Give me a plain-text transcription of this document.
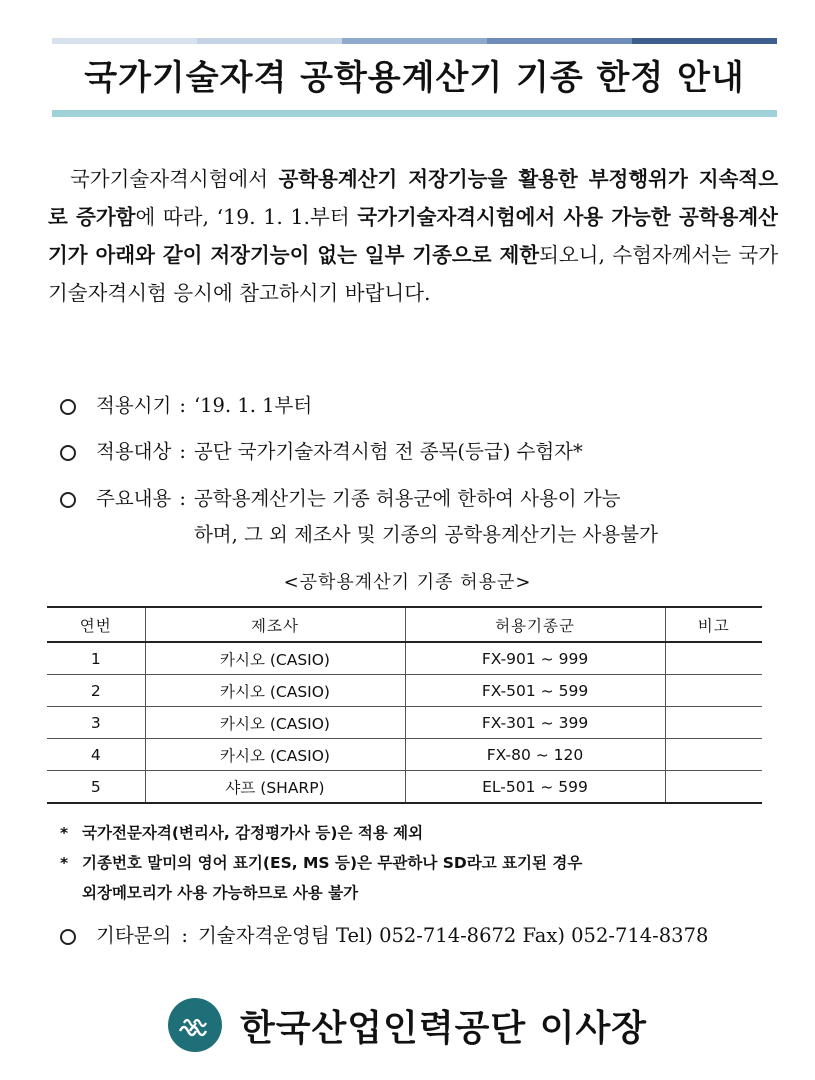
국가기술자격 공학용계산기 기종 한정 안내
국가기술자격시험에서 공학용계산기 저장기능을 활용한 부정행위가 지속적으로 증가함에 따라, ‘19. 1. 1.부터 국가기술자격시험에서 사용 가능한 공학용계산기가 아래와 같이 저장기능이 없는 일부 기종으로 제한되오니, 수험자께서는 국가기술자격시험 응시에 참고하시기 바랍니다.
적용시기 : ‘19. 1. 1부터
적용대상 : 공단 국가기술자격시험 전 종목(등급) 수험자*
주요내용 : 공학용계산기는 기종 허용군에 한하여 사용이 가능
하며, 그 외 제조사 및 기종의 공학용계산기는 사용불가
<공학용계산기 기종 허용군>
연번	제조사	허용기종군	비고
1	카시오 (CASIO)	FX-901 ~ 999	
2	카시오 (CASIO)	FX-501 ~ 599	
3	카시오 (CASIO)	FX-301 ~ 399	
4	카시오 (CASIO)	FX-80 ~ 120	
5	샤프 (SHARP)	EL-501 ~ 599	
* 국가전문자격(변리사, 감정평가사 등)은 적용 제외
* 기종번호 말미의 영어 표기(ES, MS 등)은 무관하나 SD라고 표기된 경우
외장메모리가 사용 가능하므로 사용 불가
기타문의 : 기술자격운영팀 Tel) 052-714-8672 Fax) 052-714-8378
한국산업인력공단 이사장
